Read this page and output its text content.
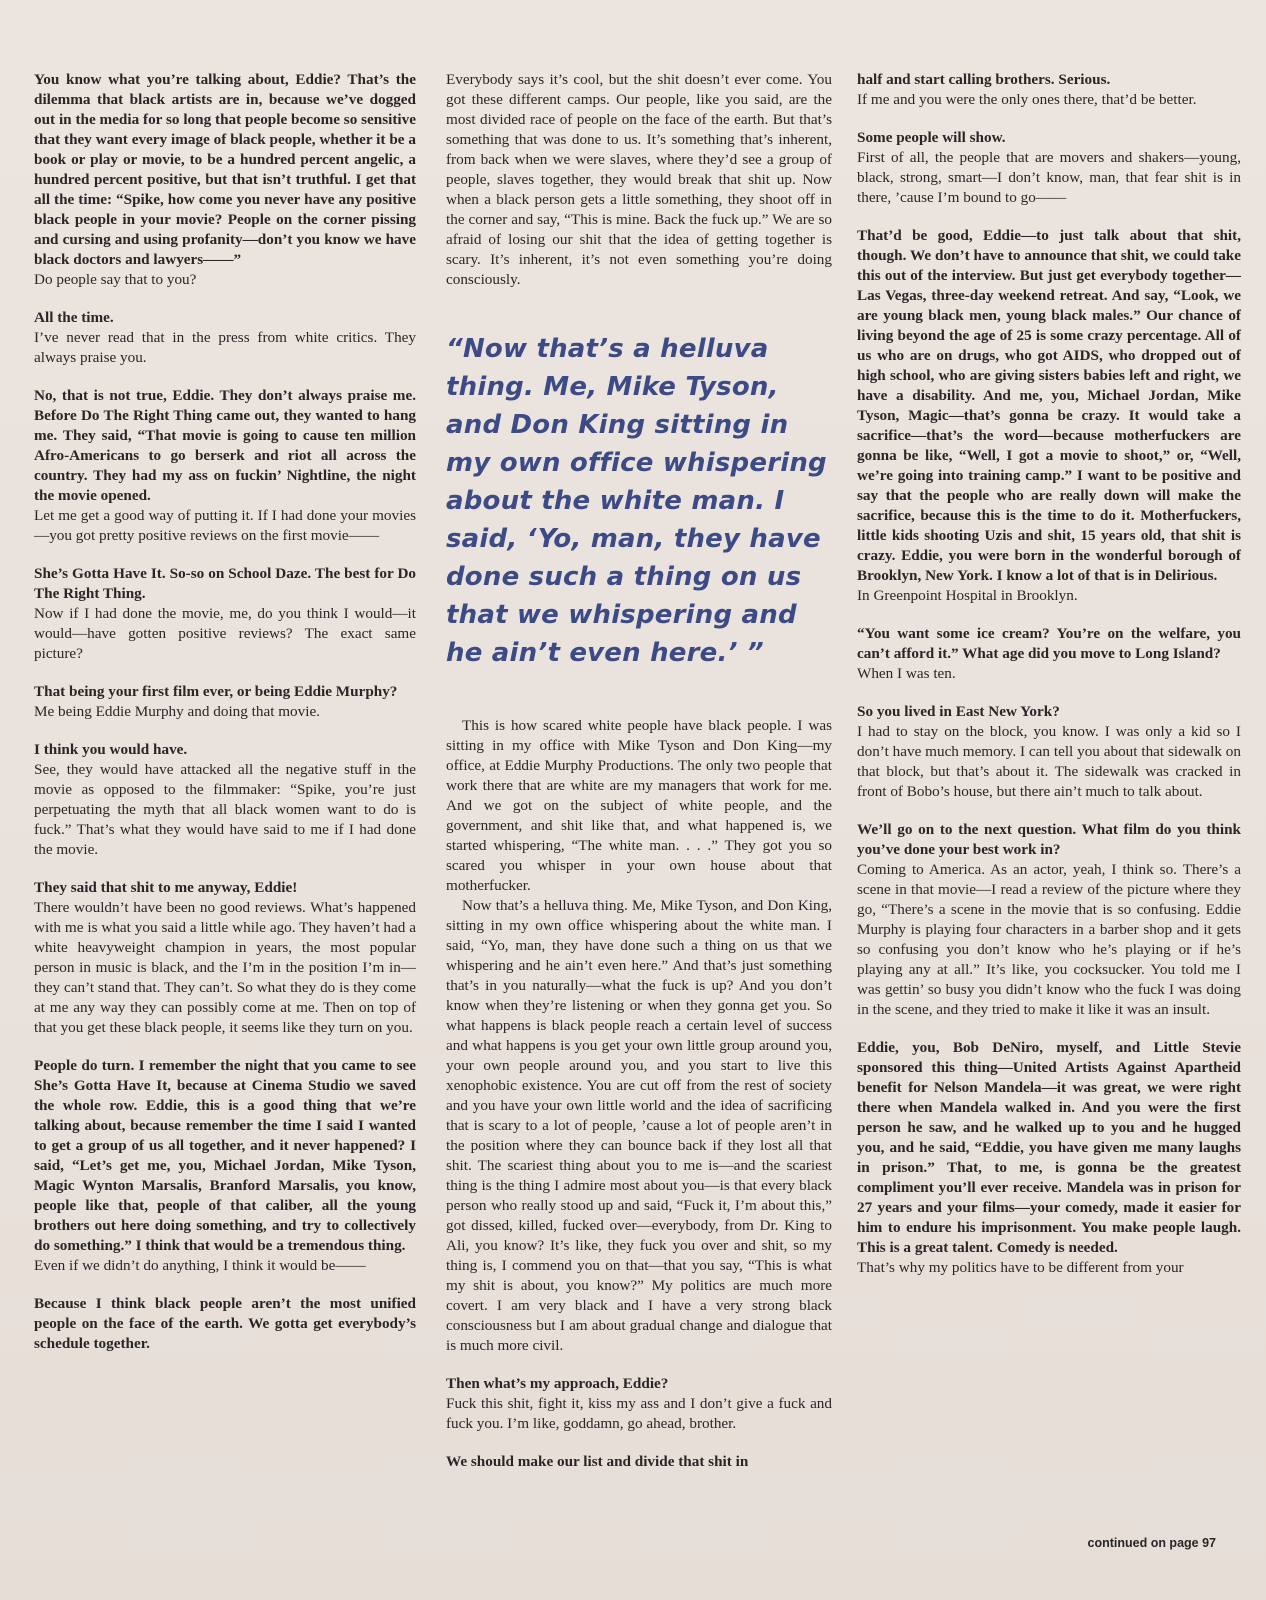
You know what you’re talking about, Eddie? That’s the dilemma that black artists are in, because we’ve dogged out in the media for so long that people become so sensitive that they want every image of black people, whether it be a book or play or movie, to be a hundred percent angelic, a hundred percent positive, but that isn’t truthful. I get that all the time: “Spike, how come you never have any positive black people in your movie? People on the corner pissing and cursing and using profanity—don’t you know we have black doctors and lawyers——”
Do people say that to you?
All the time.
I’ve never read that in the press from white critics. They always praise you.
No, that is not true, Eddie. They don’t always praise me. Before Do The Right Thing came out, they wanted to hang me. They said, “That movie is going to cause ten million Afro-Americans to go berserk and riot all across the country. They had my ass on fuckin’ Nightline, the night the movie opened.
Let me get a good way of putting it. If I had done your movies—you got pretty positive reviews on the first movie——
She’s Gotta Have It. So-so on School Daze. The best for Do The Right Thing.
Now if I had done the movie, me, do you think I would—it would—have gotten positive reviews? The exact same picture?
That being your first film ever, or being Eddie Murphy?
Me being Eddie Murphy and doing that movie.
I think you would have.
See, they would have attacked all the negative stuff in the movie as opposed to the filmmaker: “Spike, you’re just perpetuating the myth that all black women want to do is fuck.” That’s what they would have said to me if I had done the movie.
They said that shit to me anyway, Eddie!
There wouldn’t have been no good reviews. What’s happened with me is what you said a little while ago. They haven’t had a white heavyweight champion in years, the most popular person in music is black, and the I’m in the position I’m in—they can’t stand that. They can’t. So what they do is they come at me any way they can possibly come at me. Then on top of that you get these black people, it seems like they turn on you.
People do turn. I remember the night that you came to see She’s Gotta Have It, because at Cinema Studio we saved the whole row. Eddie, this is a good thing that we’re talking about, because remember the time I said I wanted to get a group of us all together, and it never happened? I said, “Let’s get me, you, Michael Jordan, Mike Tyson, Magic Wynton Marsalis, Branford Marsalis, you know, people like that, people of that caliber, all the young brothers out here doing something, and try to collectively do something.” I think that would be a tremendous thing.
Even if we didn’t do anything, I think it would be——
Because I think black people aren’t the most unified people on the face of the earth. We gotta get everybody’s schedule together.
Everybody says it’s cool, but the shit doesn’t ever come. You got these different camps. Our people, like you said, are the most divided race of people on the face of the earth. But that’s something that was done to us. It’s something that’s inherent, from back when we were slaves, where they’d see a group of people, slaves together, they would break that shit up. Now when a black person gets a little something, they shoot off in the corner and say, “This is mine. Back the fuck up.” We are so afraid of losing our shit that the idea of getting together is scary. It’s inherent, it’s not even something you’re doing consciously.
“Now that’s a helluva thing. Me, Mike Tyson, and Don King sitting in my own office whispering about the white man. I said, ‘Yo, man, they have done such a thing on us that we whispering and he ain’t even here.’ ”

This is how scared white people have black people. I was sitting in my office with Mike Tyson and Don King—my office, at Eddie Murphy Productions. The only two people that work there that are white are my managers that work for me. And we got on the subject of white people, and the government, and shit like that, and what happened is, we started whispering, “The white man. . . .” They got you so scared you whisper in your own house about that motherfucker.

Now that’s a helluva thing. Me, Mike Tyson, and Don King, sitting in my own office whispering about the white man. I said, “Yo, man, they have done such a thing on us that we whispering and he ain’t even here.” And that’s just something that’s in you naturally—what the fuck is up? And you don’t know when they’re listening or when they gonna get you. So what happens is black people reach a certain level of success and what happens is you get your own little group around you, your own people around you, and you start to live this xenophobic existence. You are cut off from the rest of society and you have your own little world and the idea of sacrificing that is scary to a lot of people, ’cause a lot of people aren’t in the position where they can bounce back if they lost all that shit. The scariest thing about you to me is—and the scariest thing is the thing I admire most about you—is that every black person who really stood up and said, “Fuck it, I’m about this,” got dissed, killed, fucked over—everybody, from Dr. King to Ali, you know? It’s like, they fuck you over and shit, so my thing is, I commend you on that—that you say, “This is what my shit is about, you know?” My politics are much more covert. I am very black and I have a very strong black consciousness but I am about gradual change and dialogue that is much more civil.

Then what’s my approach, Eddie?
Fuck this shit, fight it, kiss my ass and I don’t give a fuck and fuck you. I’m like, goddamn, go ahead, brother.
We should make our list and divide that shit in
half and start calling brothers. Serious.
If me and you were the only ones there, that’d be better.
Some people will show.
First of all, the people that are movers and shakers—young, black, strong, smart—I don’t know, man, that fear shit is in there, ’cause I’m bound to go——
That’d be good, Eddie—to just talk about that shit, though. We don’t have to announce that shit, we could take this out of the interview. But just get everybody together—Las Vegas, three-day weekend retreat. And say, “Look, we are young black men, young black males.” Our chance of living beyond the age of 25 is some crazy percentage. All of us who are on drugs, who got AIDS, who dropped out of high school, who are giving sisters babies left and right, we have a disability. And me, you, Michael Jordan, Mike Tyson, Magic—that’s gonna be crazy. It would take a sacrifice—that’s the word—because motherfuckers are gonna be like, “Well, I got a movie to shoot,” or, “Well, we’re going into training camp.” I want to be positive and say that the people who are really down will make the sacrifice, because this is the time to do it. Motherfuckers, little kids shooting Uzis and shit, 15 years old, that shit is crazy. Eddie, you were born in the wonderful borough of Brooklyn, New York. I know a lot of that is in Delirious.
In Greenpoint Hospital in Brooklyn.
“You want some ice cream? You’re on the welfare, you can’t afford it.” What age did you move to Long Island?
When I was ten.
So you lived in East New York?
I had to stay on the block, you know. I was only a kid so I don’t have much memory. I can tell you about that sidewalk on that block, but that’s about it. The sidewalk was cracked in front of Bobo’s house, but there ain’t much to talk about.
We’ll go on to the next question. What film do you think you’ve done your best work in?
Coming to America. As an actor, yeah, I think so. There’s a scene in that movie—I read a review of the picture where they go, “There’s a scene in the movie that is so confusing. Eddie Murphy is playing four characters in a barber shop and it gets so confusing you don’t know who he’s playing or if he’s playing any at all.” It’s like, you cocksucker. You told me I was gettin’ so busy you didn’t know who the fuck I was doing in the scene, and they tried to make it like it was an insult.
Eddie, you, Bob DeNiro, myself, and Little Stevie sponsored this thing—United Artists Against Apartheid benefit for Nelson Mandela—it was great, we were right there when Mandela walked in. And you were the first person he saw, and he walked up to you and he hugged you, and he said, “Eddie, you have given me many laughs in prison.” That, to me, is gonna be the greatest compliment you’ll ever receive. Mandela was in prison for 27 years and your films—your comedy, made it easier for him to endure his imprisonment. You make people laugh. This is a great talent. Comedy is needed.
That’s why my politics have to be different from your
continued on page 97
